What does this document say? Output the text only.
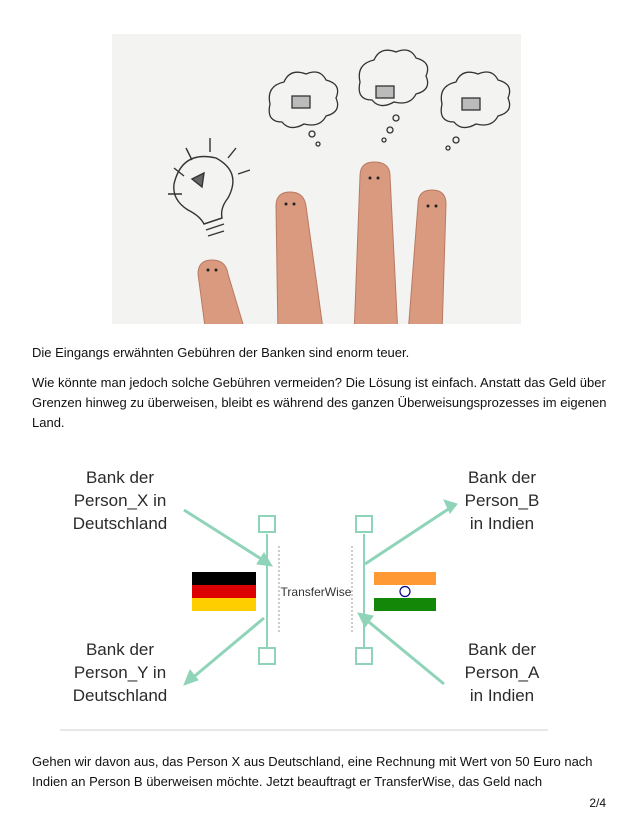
Die Eingangs erwähnten Gebühren der Banken sind enorm teuer.

Wie könnte man jedoch solche Gebühren vermeiden? Die Lösung ist einfach. Anstatt das Geld über Grenzen hinweg zu überweisen, bleibt es während des ganzen Überweisungsprozesses im eigenen Land.

Bank der
Person_X in
Deutschland
Bank der
Person_Y in
Deutschland
Bank der
Person_B
in Indien
Bank der
Person_A
in Indien
TransferWise

Gehen wir davon aus, das Person X aus Deutschland, eine Rechnung mit Wert von 50 Euro nach Indien an Person B überweisen möchte. Jetzt beauftragt er TransferWise, das Geld nach

2/4
